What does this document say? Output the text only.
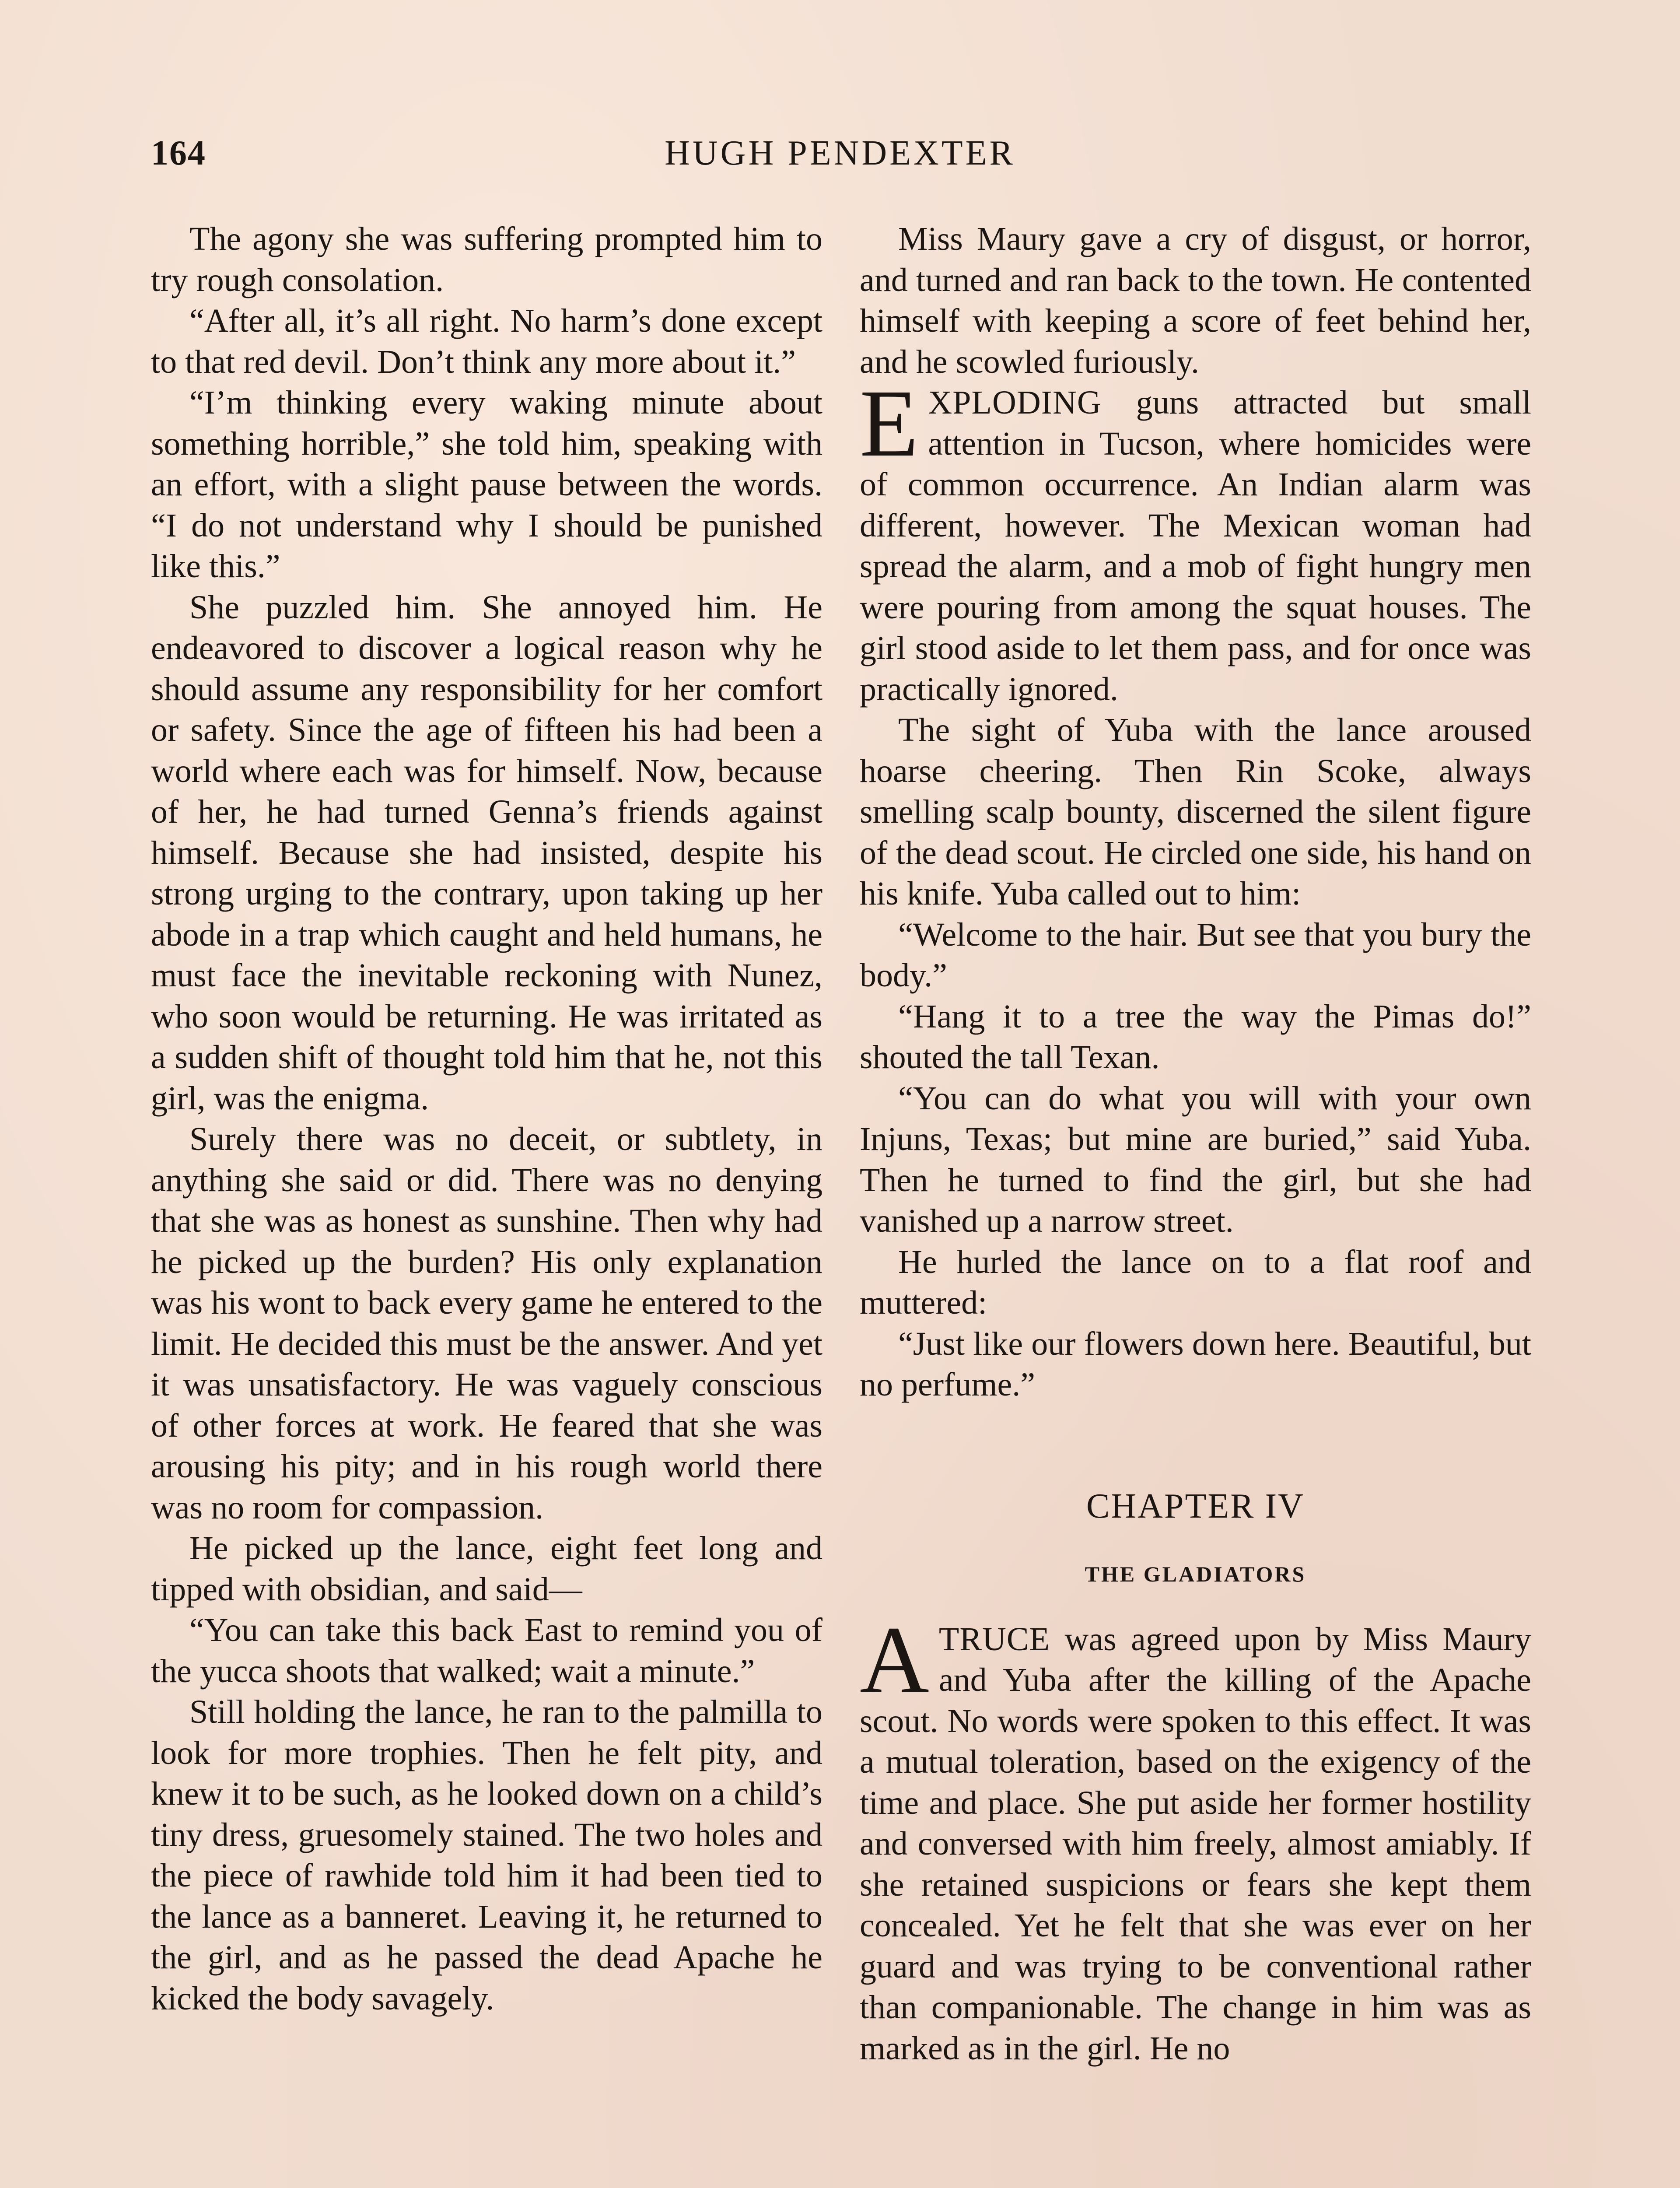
164	HUGH PENDEXTER

The agony she was suffering prompted him to try rough consolation.

“After all, it’s all right. No harm’s done except to that red devil. Don’t think any more about it.”

“I’m thinking every waking minute about something horrible,” she told him, speaking with an effort, with a slight pause between the words. “I do not understand why I should be punished like this.”

She puzzled him. She annoyed him. He endeavored to discover a logical reason why he should assume any responsibility for her comfort or safety. Since the age of fifteen his had been a world where each was for himself. Now, because of her, he had turned Genna’s friends against himself. Because she had insisted, despite his strong urging to the contrary, upon taking up her abode in a trap which caught and held humans, he must face the inevitable reckoning with Nunez, who soon would be returning. He was irritated as a sudden shift of thought told him that he, not this girl, was the enigma.

Surely there was no deceit, or subtlety, in anything she said or did. There was no denying that she was as honest as sunshine. Then why had he picked up the burden? His only explanation was his wont to back every game he entered to the limit. He decided this must be the answer. And yet it was unsatisfactory. He was vaguely conscious of other forces at work. He feared that she was arousing his pity; and in his rough world there was no room for compassion.

He picked up the lance, eight feet long and tipped with obsidian, and said—

“You can take this back East to remind you of the yucca shoots that walked; wait a minute.”

Still holding the lance, he ran to the palmilla to look for more trophies. Then he felt pity, and knew it to be such, as he looked down on a child’s tiny dress, gruesomely stained. The two holes and the piece of rawhide told him it had been tied to the lance as a banneret. Leaving it, he returned to the girl, and as he passed the dead Apache he kicked the body savagely.

Miss Maury gave a cry of disgust, or horror, and turned and ran back to the town. He contented himself with keeping a score of feet behind her, and he scowled furiously.

EXPLODING guns attracted but small attention in Tucson, where homicides were of common occurrence. An Indian alarm was different, however. The Mexican woman had spread the alarm, and a mob of fight hungry men were pouring from among the squat houses. The girl stood aside to let them pass, and for once was practically ignored.

The sight of Yuba with the lance aroused hoarse cheering. Then Rin Scoke, always smelling scalp bounty, discerned the silent figure of the dead scout. He circled one side, his hand on his knife. Yuba called out to him:

“Welcome to the hair. But see that you bury the body.”

“Hang it to a tree the way the Pimas do!” shouted the tall Texan.

“You can do what you will with your own Injuns, Texas; but mine are buried,” said Yuba. Then he turned to find the girl, but she had vanished up a narrow street.

He hurled the lance on to a flat roof and muttered:

“Just like our flowers down here. Beautiful, but no perfume.”

CHAPTER IV
THE GLADIATORS

ATRUCE was agreed upon by Miss Maury and Yuba after the killing of the Apache scout. No words were spoken to this effect. It was a mutual toleration, based on the exigency of the time and place. She put aside her former hostility and conversed with him freely, almost amiably. If she retained suspicions or fears she kept them concealed. Yet he felt that she was ever on her guard and was trying to be conventional rather than companionable. The change in him was as marked as in the girl. He no
